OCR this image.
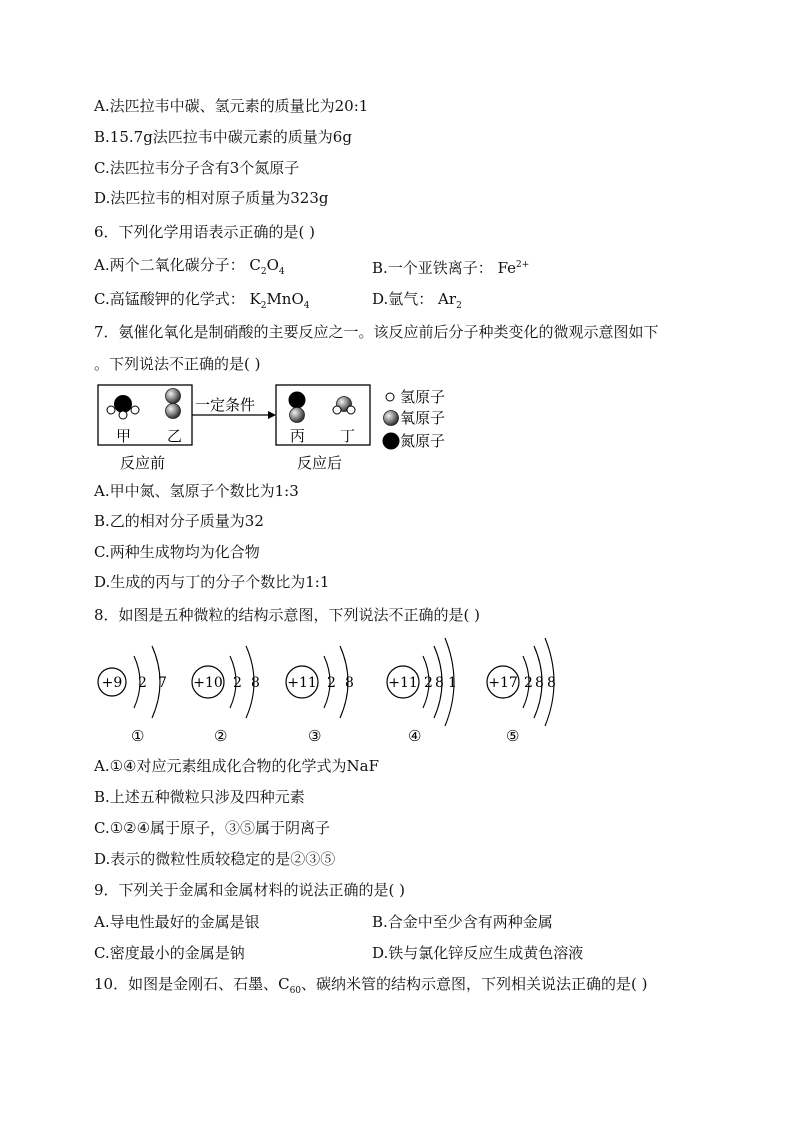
A.法匹拉韦中碳、氢元素的质量比为20:1
B.15.7g法匹拉韦中碳元素的质量为6g
C.法匹拉韦分子含有3个氮原子
D.法匹拉韦的相对原子质量为323g
6．下列化学用语表示正确的是( )
A.两个二氧化碳分子： $C_2O_4$	B.一个亚铁离子： $Fe^{2+}$
C.高锰酸钾的化学式： $K_2MnO_4$	D.氩气： $Ar_2$
7．氨催化氧化是制硝酸的主要反应之一。该反应前后分子种类变化的微观示意图如下
。下列说法不正确的是( )
甲 乙
一定条件
丙 丁
氢原子
氧原子
氮原子
反应前	反应后
A.甲中氮、氢原子个数比为1:3
B.乙的相对分子质量为32
C.两种生成物均为化合物
D.生成的丙与丁的分子个数比为1:1
8．如图是五种微粒的结构示意图，下列说法不正确的是( )
+9 2 7
①
+10 2 8
②
+11 2 8
③
+11 2 8 1
④
+17 2 8 8
⑤
A.①④对应元素组成化合物的化学式为NaF
B.上述五种微粒只涉及四种元素
C.①②④属于原子，③⑤属于阴离子
D.表示的微粒性质较稳定的是②③⑤
9．下列关于金属和金属材料的说法正确的是( )
A.导电性最好的金属是银	B.合金中至少含有两种金属
C.密度最小的金属是钠	D.铁与氯化锌反应生成黄色溶液
10．如图是金刚石、石墨、$C_{60}$、碳纳米管的结构示意图，下列相关说法正确的是( )
